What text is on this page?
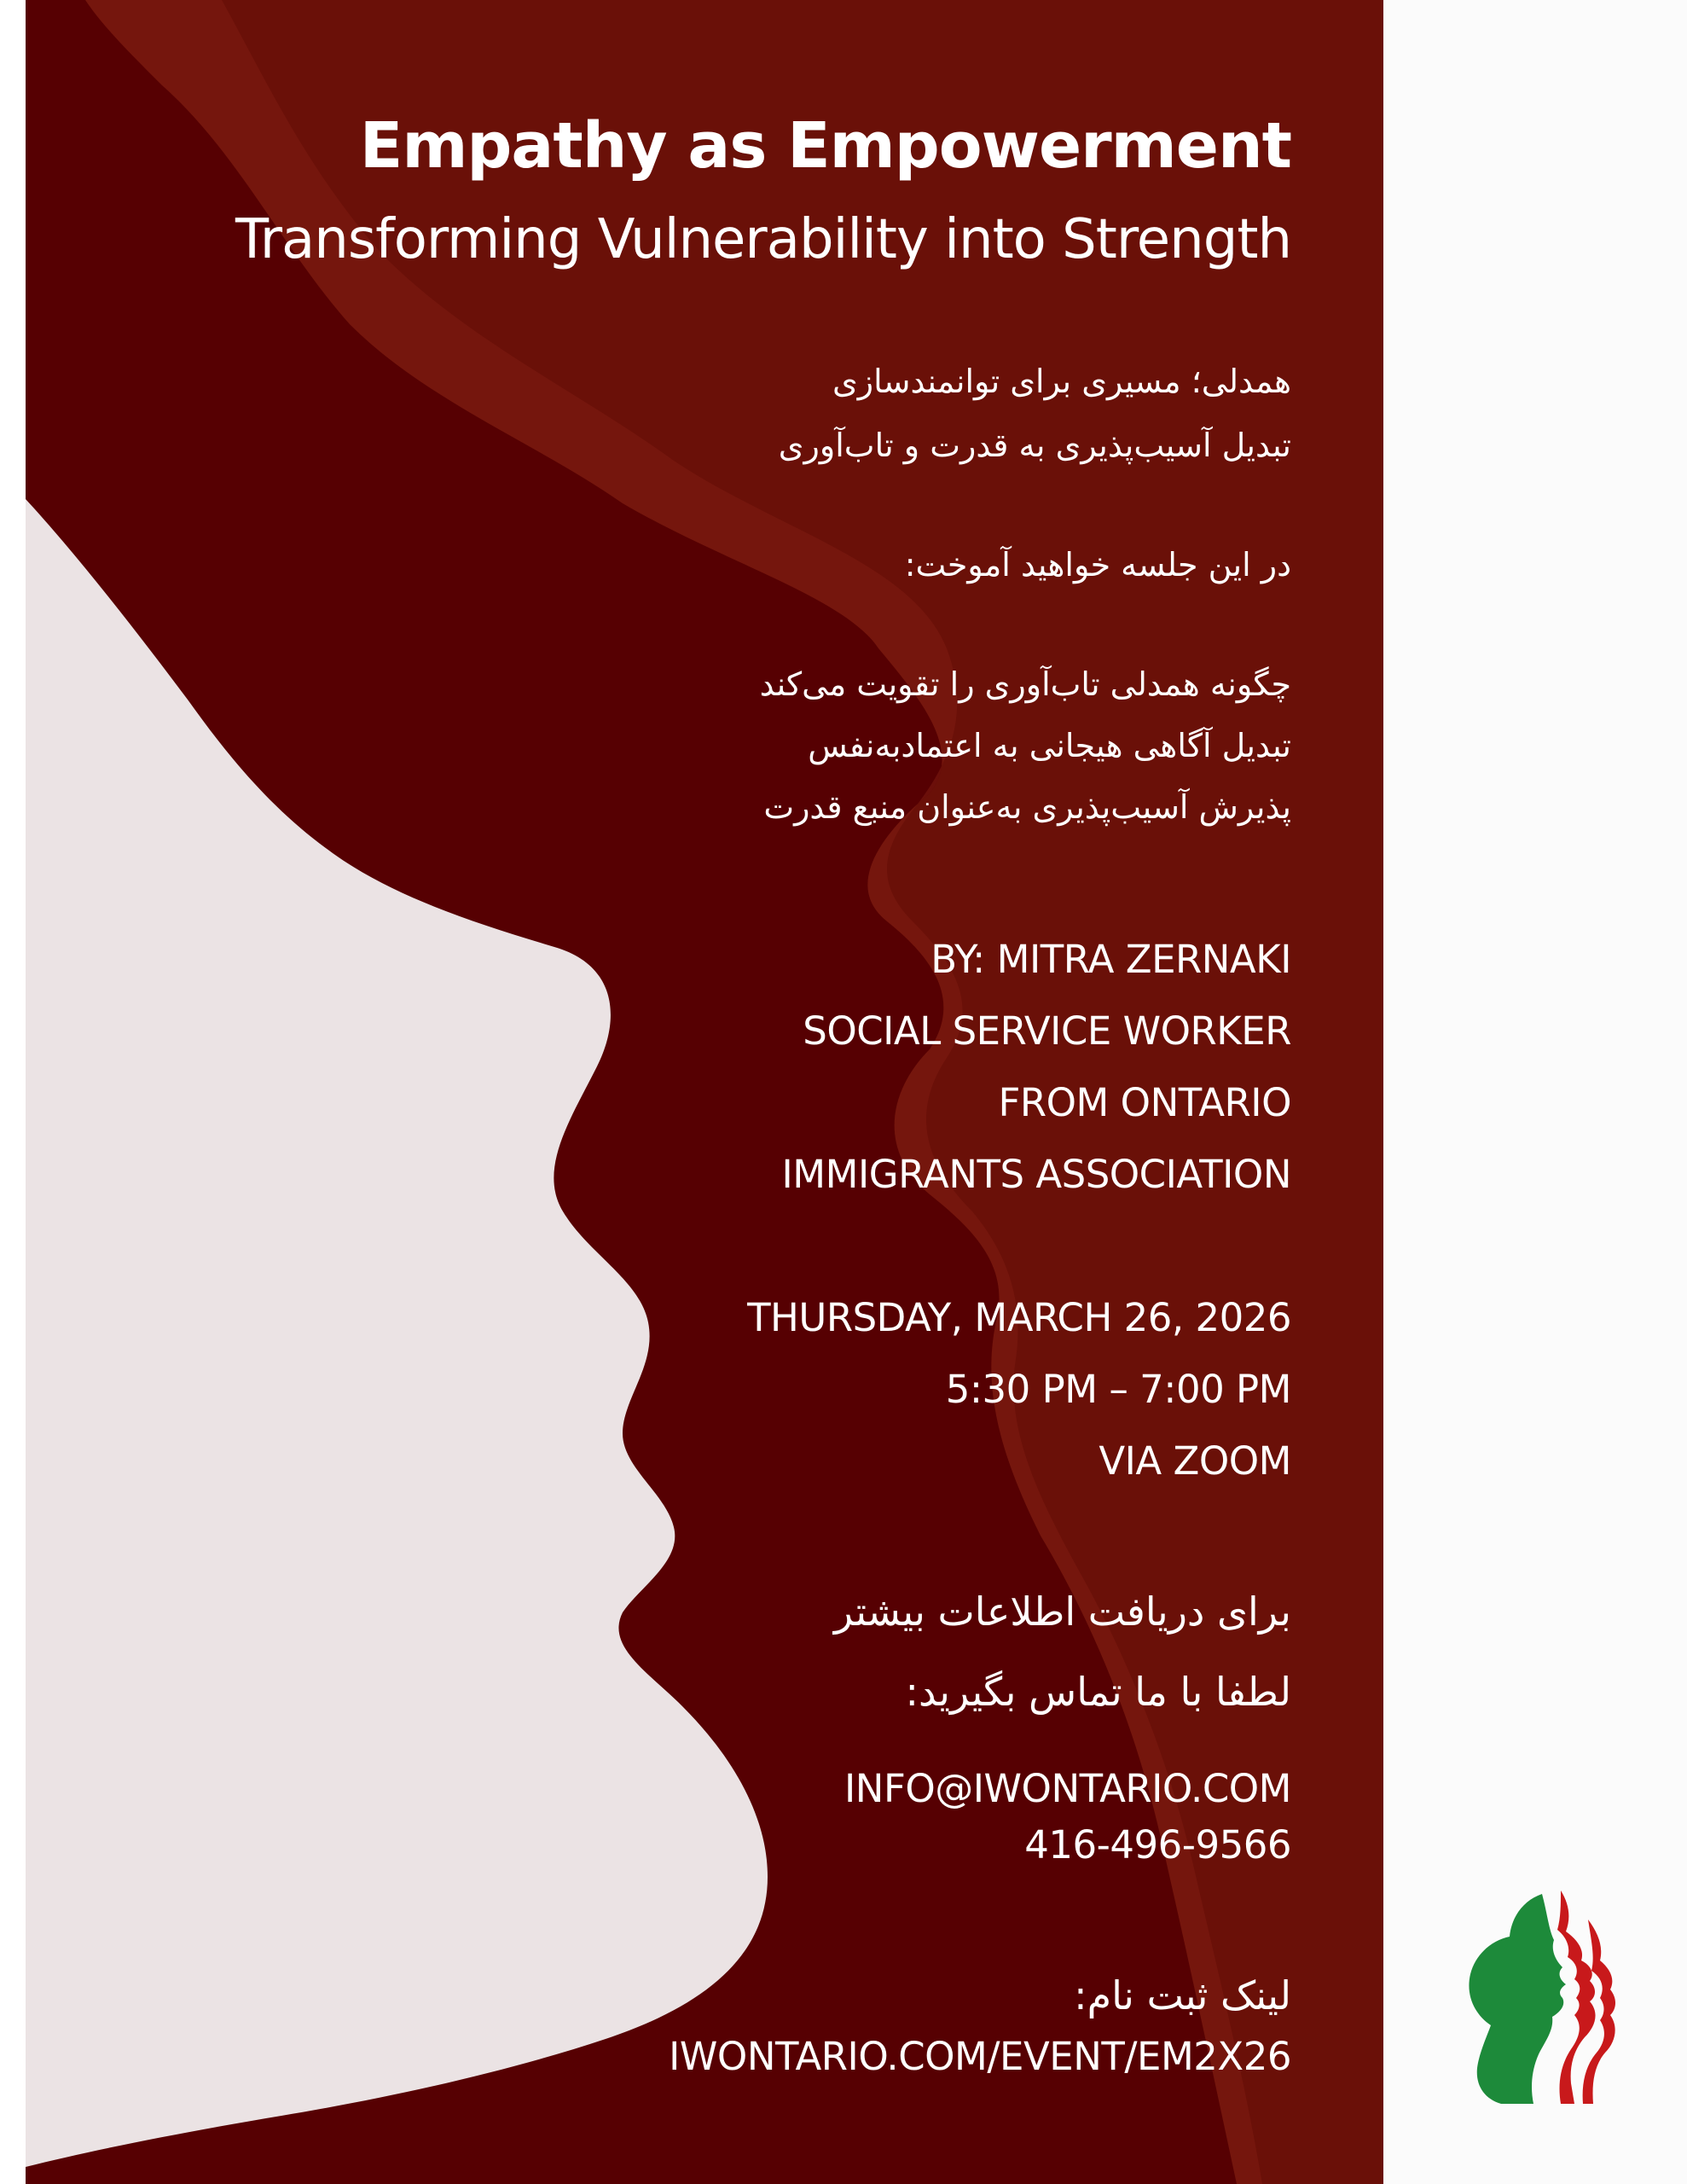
Empathy as Empowerment

Transforming Vulnerability into Strength

همدلی؛ مسیری برای توانمندسازی

تبدیل آسیب‌پذیری به قدرت و تاب‌آوری

در این جلسه خواهید آموخت:

چگونه همدلی تاب‌آوری را تقویت می‌کند

تبدیل آگاهی هیجانی به اعتمادبه‌نفس

پذیرش آسیب‌پذیری به‌عنوان منبع قدرت

BY: MITRA ZERNAKI

SOCIAL SERVICE WORKER

FROM ONTARIO

IMMIGRANTS ASSOCIATION

THURSDAY, MARCH 26, 2026

5:30 PM – 7:00 PM

VIA ZOOM

برای دریافت اطلاعات بیشتر

لطفا با ما تماس بگیرید:

INFO@IWONTARIO.COM

416-496-9566

لینک ثبت نام:

IWONTARIO.COM/EVENT/EM2X26
